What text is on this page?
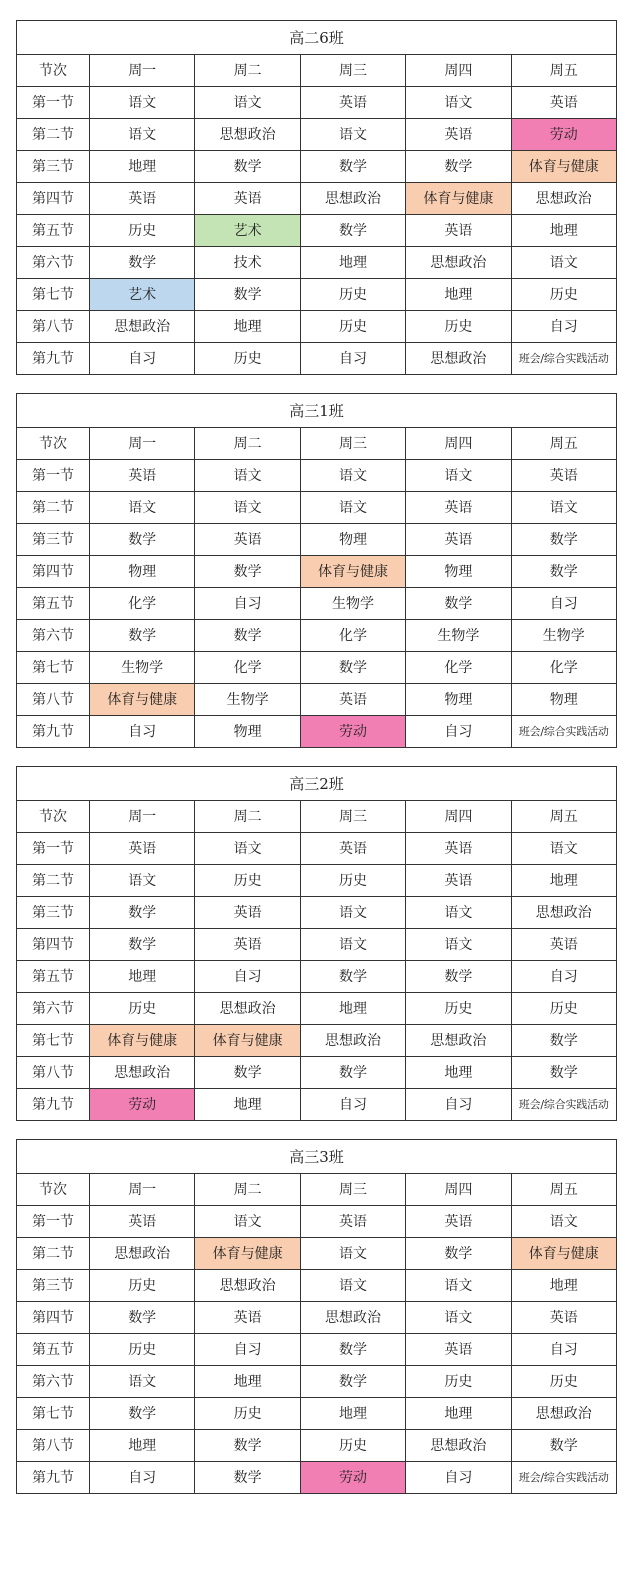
高二6班					
节次	周一	周二	周三	周四	周五
第一节	语文	语文	英语	语文	英语
第二节	语文	思想政治	语文	英语	劳动
第三节	地理	数学	数学	数学	体育与健康
第四节	英语	英语	思想政治	体育与健康	思想政治
第五节	历史	艺术	数学	英语	地理
第六节	数学	技术	地理	思想政治	语文
第七节	艺术	数学	历史	地理	历史
第八节	思想政治	地理	历史	历史	自习
第九节	自习	历史	自习	思想政治	班会/综合实践活动
高三1班					
节次	周一	周二	周三	周四	周五
第一节	英语	语文	语文	语文	英语
第二节	语文	语文	语文	英语	语文
第三节	数学	英语	物理	英语	数学
第四节	物理	数学	体育与健康	物理	数学
第五节	化学	自习	生物学	数学	自习
第六节	数学	数学	化学	生物学	生物学
第七节	生物学	化学	数学	化学	化学
第八节	体育与健康	生物学	英语	物理	物理
第九节	自习	物理	劳动	自习	班会/综合实践活动
高三2班					
节次	周一	周二	周三	周四	周五
第一节	英语	语文	英语	英语	语文
第二节	语文	历史	历史	英语	地理
第三节	数学	英语	语文	语文	思想政治
第四节	数学	英语	语文	语文	英语
第五节	地理	自习	数学	数学	自习
第六节	历史	思想政治	地理	历史	历史
第七节	体育与健康	体育与健康	思想政治	思想政治	数学
第八节	思想政治	数学	数学	地理	数学
第九节	劳动	地理	自习	自习	班会/综合实践活动
高三3班					
节次	周一	周二	周三	周四	周五
第一节	英语	语文	英语	英语	语文
第二节	思想政治	体育与健康	语文	数学	体育与健康
第三节	历史	思想政治	语文	语文	地理
第四节	数学	英语	思想政治	语文	英语
第五节	历史	自习	数学	英语	自习
第六节	语文	地理	数学	历史	历史
第七节	数学	历史	地理	地理	思想政治
第八节	地理	数学	历史	思想政治	数学
第九节	自习	数学	劳动	自习	班会/综合实践活动
